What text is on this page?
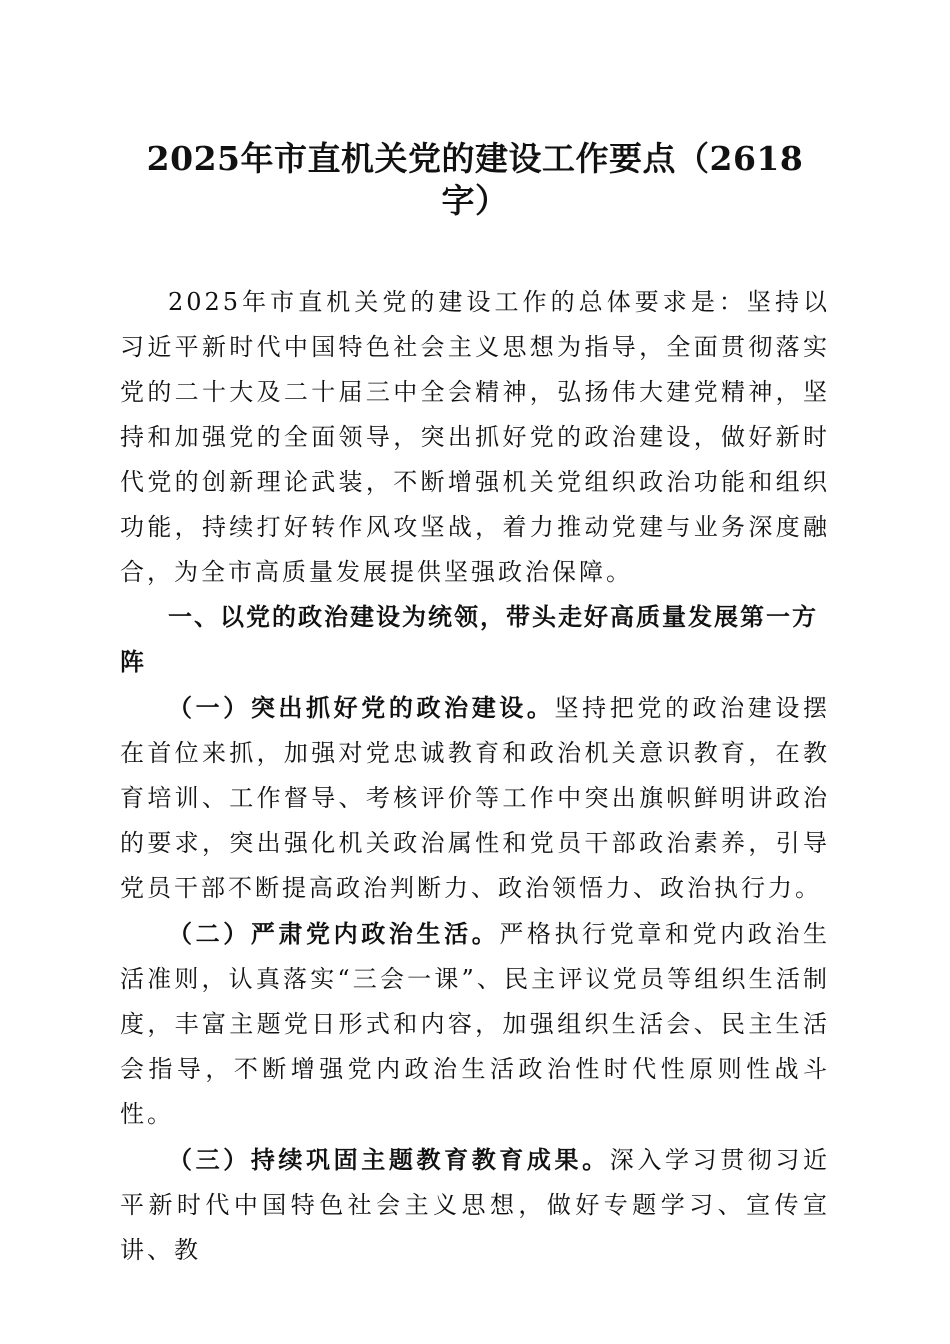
2025年市直机关党的建设工作要点（2618字）

2025年市直机关党的建设工作的总体要求是：坚持以习近平新时代中国特色社会主义思想为指导，全面贯彻落实党的二十大及二十届三中全会精神，弘扬伟大建党精神，坚持和加强党的全面领导，突出抓好党的政治建设，做好新时代党的创新理论武装，不断增强机关党组织政治功能和组织功能，持续打好转作风攻坚战，着力推动党建与业务深度融合，为全市高质量发展提供坚强政治保障。

一、以党的政治建设为统领，带头走好高质量发展第一方阵

（一）突出抓好党的政治建设。坚持把党的政治建设摆在首位来抓，加强对党忠诚教育和政治机关意识教育，在教育培训、工作督导、考核评价等工作中突出旗帜鲜明讲政治的要求，突出强化机关政治属性和党员干部政治素养，引导党员干部不断提高政治判断力、政治领悟力、政治执行力。

（二）严肃党内政治生活。严格执行党章和党内政治生活准则，认真落实“三会一课”、民主评议党员等组织生活制度，丰富主题党日形式和内容，加强组织生活会、民主生活会指导，不断增强党内政治生活政治性时代性原则性战斗性。

（三）持续巩固主题教育教育成果。深入学习贯彻习近平新时代中国特色社会主义思想，做好专题学习、宣传宣讲、教
